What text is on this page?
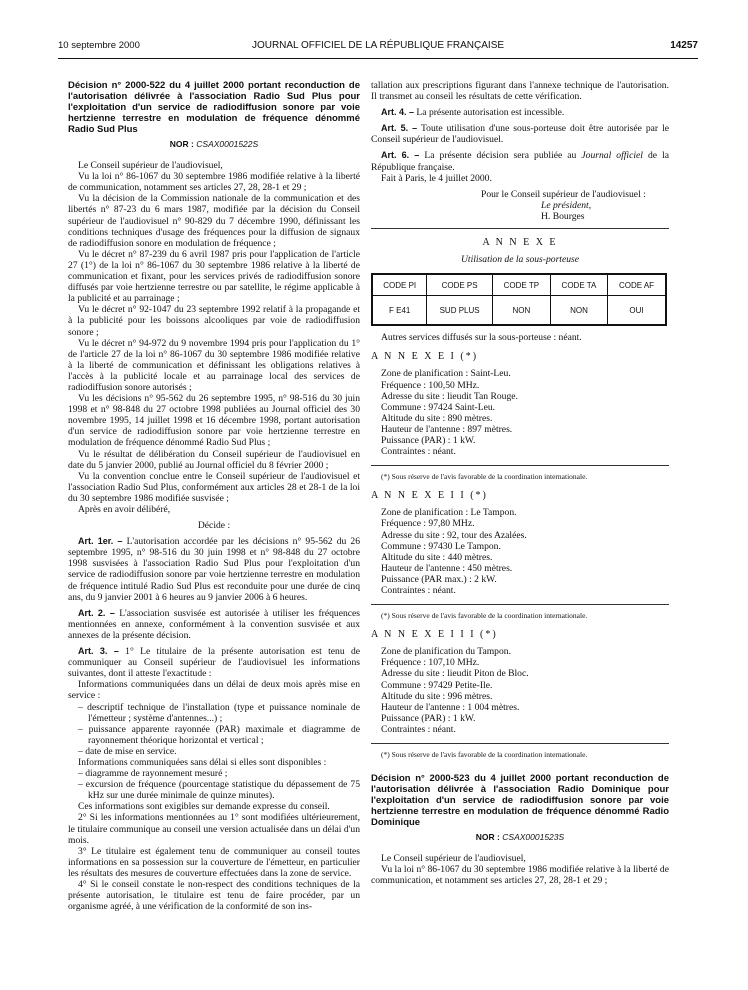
10 septembre 2000	JOURNAL OFFICIEL DE LA RÉPUBLIQUE FRANÇAISE	14257

Décision n° 2000-522 du 4 juillet 2000 portant reconduction de l'autorisation délivrée à l'association Radio Sud Plus pour l'exploitation d'un service de radiodiffusion sonore par voie hertzienne terrestre en modulation de fréquence dénommé Radio Sud Plus

NOR : CSAX0001522S

Le Conseil supérieur de l'audiovisuel,

Vu la loi n° 86-1067 du 30 septembre 1986 modifiée relative à la liberté de communication, notamment ses articles 27, 28, 28-1 et 29 ;

Vu la décision de la Commission nationale de la communication et des libertés n° 87-23 du 6 mars 1987, modifiée par la décision du Conseil supérieur de l'audiovisuel n° 90-829 du 7 décembre 1990, définissant les conditions techniques d'usage des fréquences pour la diffusion de signaux de radiodiffusion sonore en modulation de fréquence ;

Vu le décret n° 87-239 du 6 avril 1987 pris pour l'application de l'article 27 (1°) de la loi n° 86-1067 du 30 septembre 1986 relative à la liberté de communication et fixant, pour les services privés de radiodiffusion sonore diffusés par voie hertzienne terrestre ou par satellite, le régime applicable à la publicité et au parrainage ;

Vu le décret n° 92-1047 du 23 septembre 1992 relatif à la propagande et à la publicité pour les boissons alcooliques par voie de radiodiffusion sonore ;

Vu le décret n° 94-972 du 9 novembre 1994 pris pour l'application du 1° de l'article 27 de la loi n° 86-1067 du 30 septembre 1986 modifiée relative à la liberté de communication et définissant les obligations relatives à l'accès à la publicité locale et au parrainage local des services de radiodiffusion sonore autorisés ;

Vu les décisions n° 95-562 du 26 septembre 1995, n° 98-516 du 30 juin 1998 et n° 98-848 du 27 octobre 1998 publiées au Journal officiel des 30 novembre 1995, 14 juillet 1998 et 16 décembre 1998, portant autorisation d'un service de radiodiffusion sonore par voie hertzienne terrestre en modulation de fréquence dénommé Radio Sud Plus ;

Vu le résultat de délibération du Conseil supérieur de l'audiovisuel en date du 5 janvier 2000, publié au Journal officiel du 8 février 2000 ;

Vu la convention conclue entre le Conseil supérieur de l'audiovisuel et l'association Radio Sud Plus, conformément aux articles 28 et 28-1 de la loi du 30 septembre 1986 modifiée susvisée ;

Après en avoir délibéré,

Décide :

Art. 1er. – L'autorisation accordée par les décisions n° 95-562 du 26 septembre 1995, n° 98-516 du 30 juin 1998 et n° 98-848 du 27 octobre 1998 susvisées à l'association Radio Sud Plus pour l'exploitation d'un service de radiodiffusion sonore par voie hertzienne terrestre en modulation de fréquence intitulé Radio Sud Plus est reconduite pour une durée de cinq ans, du 9 janvier 2001 à 6 heures au 9 janvier 2006 à 6 heures.

Art. 2. – L'association susvisée est autorisée à utiliser les fréquences mentionnées en annexe, conformément à la convention susvisée et aux annexes de la présente décision.

Art. 3. – 1° Le titulaire de la présente autorisation est tenu de communiquer au Conseil supérieur de l'audiovisuel les informations suivantes, dont il atteste l'exactitude :

Informations communiquées dans un délai de deux mois après mise en service :

– descriptif technique de l'installation (type et puissance nominale de l'émetteur ; système d'antennes...) ;

– puissance apparente rayonnée (PAR) maximale et diagramme de rayonnement théorique horizontal et vertical ;

– date de mise en service.

Informations communiquées sans délai si elles sont disponibles :

– diagramme de rayonnement mesuré ;

– excursion de fréquence (pourcentage statistique du dépassement de 75 kHz sur une durée minimale de quinze minutes).

Ces informations sont exigibles sur demande expresse du conseil.

2° Si les informations mentionnées au 1° sont modifiées ultérieurement, le titulaire communique au conseil une version actualisée dans un délai d'un mois.

3° Le titulaire est également tenu de communiquer au conseil toutes informations en sa possession sur la couverture de l'émetteur, en particulier les résultats des mesures de couverture effectuées dans la zone de service.

4° Si le conseil constate le non-respect des conditions techniques de la présente autorisation, le titulaire est tenu de faire procéder, par un organisme agréé, à une vérification de la conformité de son ins-

tallation aux prescriptions figurant dans l'annexe technique de l'autorisation. Il transmet au conseil les résultats de cette vérification.

Art. 4. – La présente autorisation est incessible.

Art. 5. – Toute utilisation d'une sous-porteuse doit être autorisée par le Conseil supérieur de l'audiovisuel.

Art. 6. – La présente décision sera publiée au Journal officiel de la République française.

Fait à Paris, le 4 juillet 2000.

Pour le Conseil supérieur de l'audiovisuel :
Le président,
H. Bourges

A N N E X E

Utilisation de la sous-porteuse

CODE PI	CODE PS	CODE TP	CODE TA	CODE AF
F E41	SUD PLUS	NON	NON	OUI

Autres services diffusés sur la sous-porteuse : néant.

A N N E X E I (*)

Zone de planification : Saint-Leu.

Fréquence : 100,50 MHz.

Adresse du site : lieudit Tan Rouge.

Commune : 97424 Saint-Leu.

Altitude du site : 890 mètres.

Hauteur de l'antenne : 897 mètres.

Puissance (PAR) : 1 kW.

Contraintes : néant.

(*) Sous réserve de l'avis favorable de la coordination internationale.

A N N E X E I I (*)

Zone de planification : Le Tampon.

Fréquence : 97,80 MHz.

Adresse du site : 92, tour des Azalées.

Commune : 97430 Le Tampon.

Altitude du site : 440 mètres.

Hauteur de l'antenne : 450 mètres.

Puissance (PAR max.) : 2 kW.

Contraintes : néant.

(*) Sous réserve de l'avis favorable de la coordination internationale.

A N N E X E I I I (*)

Zone de planification du Tampon.

Fréquence : 107,10 MHz.

Adresse du site : lieudit Piton de Bloc.

Commune : 97429 Petite-Ile.

Altitude du site : 996 mètres.

Hauteur de l'antenne : 1 004 mètres.

Puissance (PAR) : 1 kW.

Contraintes : néant.

(*) Sous réserve de l'avis favorable de la coordination internationale.

Décision n° 2000-523 du 4 juillet 2000 portant reconduction de l'autorisation délivrée à l'association Radio Dominique pour l'exploitation d'un service de radiodiffusion sonore par voie hertzienne terrestre en modulation de fréquence dénommé Radio Dominique

NOR : CSAX0001523S

Le Conseil supérieur de l'audiovisuel,

Vu la loi n° 86-1067 du 30 septembre 1986 modifiée relative à la liberté de communication, et notamment ses articles 27, 28, 28-1 et 29 ;
